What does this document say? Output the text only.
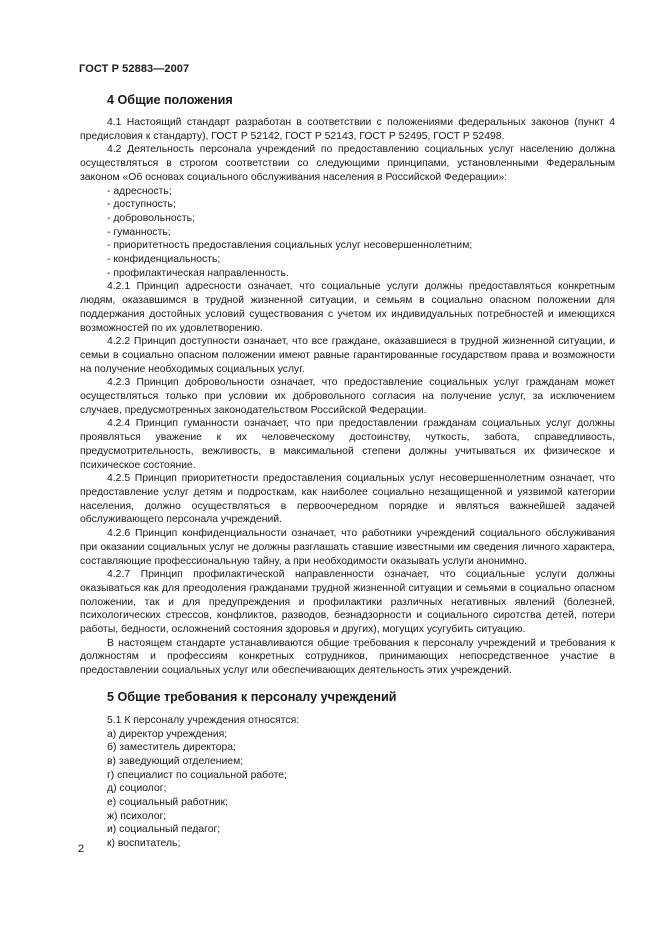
ГОСТ Р 52883—2007
4 Общие положения

4.1 Настоящий стандарт разработан в соответствии с положениями федеральных законов (пункт 4 предисловия к стандарту), ГОСТ Р 52142, ГОСТ Р 52143, ГОСТ Р 52495, ГОСТ Р 52498.

4.2 Деятельность персонала учреждений по предоставлению социальных услуг населению должна осуществляться в строгом соответствии со следующими принципами, установленными Федеральным законом «Об основах социального обслуживания населения в Российской Федерации»:

- адресность;

- доступность;

- добровольность;

- гуманность;

- приоритетность предоставления социальных услуг несовершеннолетним;

- конфиденциальность;

- профилактическая направленность.

4.2.1 Принцип адресности означает, что социальные услуги должны предоставляться конкретным людям, оказавшимся в трудной жизненной ситуации, и семьям в социально опасном положении для поддержания достойных условий существования с учетом их индивидуальных потребностей и имеющихся возможностей по их удовлетворению.

4.2.2 Принцип доступности означает, что все граждане, оказавшиеся в трудной жизненной ситуации, и семьи в социально опасном положении имеют равные гарантированные государством права и возможности на получение необходимых социальных услуг.

4.2.3 Принцип добровольности означает, что предоставление социальных услуг гражданам может осуществляться только при условии их добровольного согласия на получение услуг, за исключением случаев, предусмотренных законодательством Российской Федерации.

4.2.4 Принцип гуманности означает, что при предоставлении гражданам социальных услуг должны проявляться уважение к их человеческому достоинству, чуткость, забота, справедливость, предусмотрительность, вежливость, в максимальной степени должны учитываться их физическое и психическое состояние.

4.2.5 Принцип приоритетности предоставления социальных услуг несовершеннолетним означает, что предоставление услуг детям и подросткам, как наиболее социально незащищенной и уязвимой категории населения, должно осуществляться в первоочередном порядке и являться важнейшей задачей обслуживающего персонала учреждений.

4.2.6 Принцип конфиденциальности означает, что работники учреждений социального обслуживания при оказании социальных услуг не должны разглашать ставшие известными им сведения личного характера, составляющие профессиональную тайну, а при необходимости оказывать услуги анонимно.

4.2.7 Принцип профилактической направленности означает, что социальные услуги должны оказываться как для преодоления гражданами трудной жизненной ситуации и семьями в социально опасном положении, так и для предупреждения и профилактики различных негативных явлений (болезней, психологических стрессов, конфликтов, разводов, безнадзорности и социального сиротства детей, потери работы, бедности, осложнений состояния здоровья и других), могущих усугубить ситуацию.

В настоящем стандарте устанавливаются общие требования к персоналу учреждений и требования к должностям и профессиям конкретных сотрудников, принимающих непосредственное участие в предоставлении социальных услуг или обеспечивающих деятельность этих учреждений.

5 Общие требования к персоналу учреждений

5.1 К персоналу учреждения относятся:

а) директор учреждения;

б) заместитель директора;

в) заведующий отделением;

г) специалист по социальной работе;

д) социолог;

е) социальный работник;

ж) психолог;

и) социальный педагог;

к) воспитатель;

2
